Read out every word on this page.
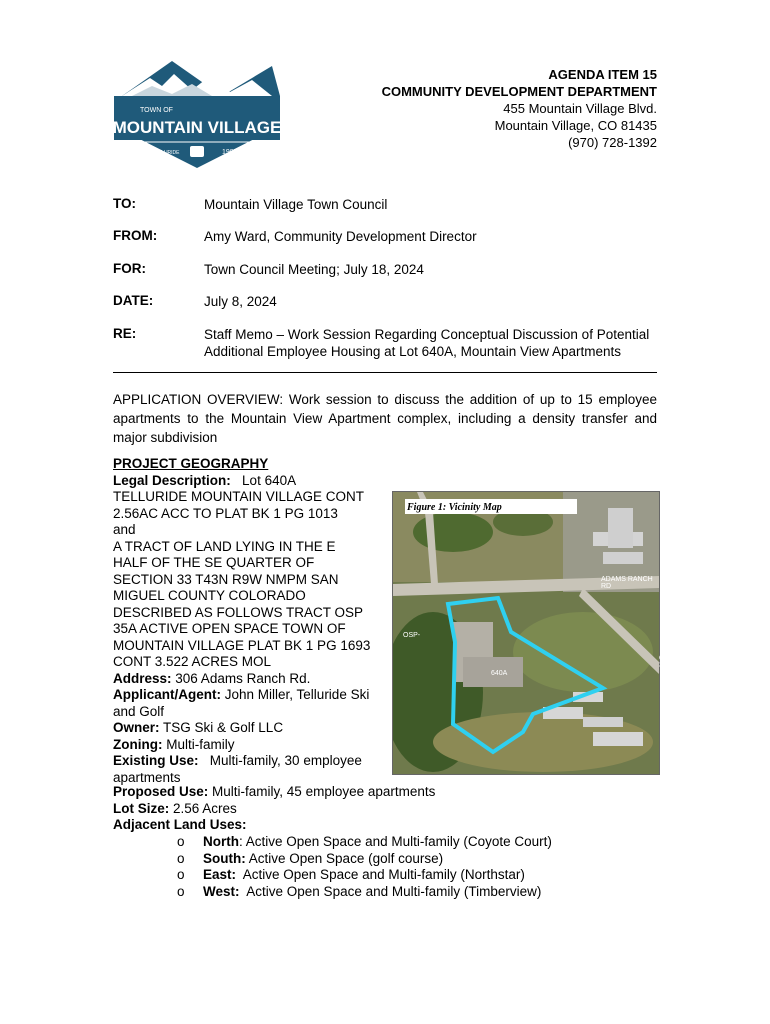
TOWN OF
MOUNTAIN VILLAGE
TELLURIDE	1995
AGENDA ITEM 15
COMMUNITY DEVELOPMENT DEPARTMENT
455 Mountain Village Blvd.
Mountain Village, CO 81435
(970) 728-1392
TO:	Mountain Village Town Council
FROM:	Amy Ward, Community Development Director
FOR:	Town Council Meeting; July 18, 2024
DATE:	July 8, 2024
RE:	Staff Memo – Work Session Regarding Conceptual Discussion of Potential
Additional Employee Housing at Lot 640A, Mountain View Apartments
APPLICATION OVERVIEW: Work session to discuss the addition of up to 15 employee apartments to the Mountain View Apartment complex, including a density transfer and major subdivision
PROJECT GEOGRAPHY
Legal Description: Lot 640A
TELLURIDE MOUNTAIN VILLAGE CONT
2.56AC ACC TO PLAT BK 1 PG 1013
and
A TRACT OF LAND LYING IN THE E
HALF OF THE SE QUARTER OF
SECTION 33 T43N R9W NMPM SAN
MIGUEL COUNTY COLORADO
DESCRIBED AS FOLLOWS TRACT OSP
35A ACTIVE OPEN SPACE TOWN OF
MOUNTAIN VILLAGE PLAT BK 1 PG 1693
CONT 3.522 ACRES MOL
Address: 306 Adams Ranch Rd.
Applicant/Agent: John Miller, Telluride Ski
and Golf
Owner: TSG Ski & Golf LLC
Zoning: Multi-family
Existing Use: Multi-family, 30 employee
apartments
Figure 1: Vicinity Map
ADAMS RANCH RD
OSP-35A
640A
OSP-
Proposed Use: Multi-family, 45 employee apartments
Lot Size: 2.56 Acres
Adjacent Land Uses:
o North: Active Open Space and Multi-family (Coyote Court)
o South: Active Open Space (golf course)
o East:  Active Open Space and Multi-family (Northstar)
o West:  Active Open Space and Multi-family (Timberview)
